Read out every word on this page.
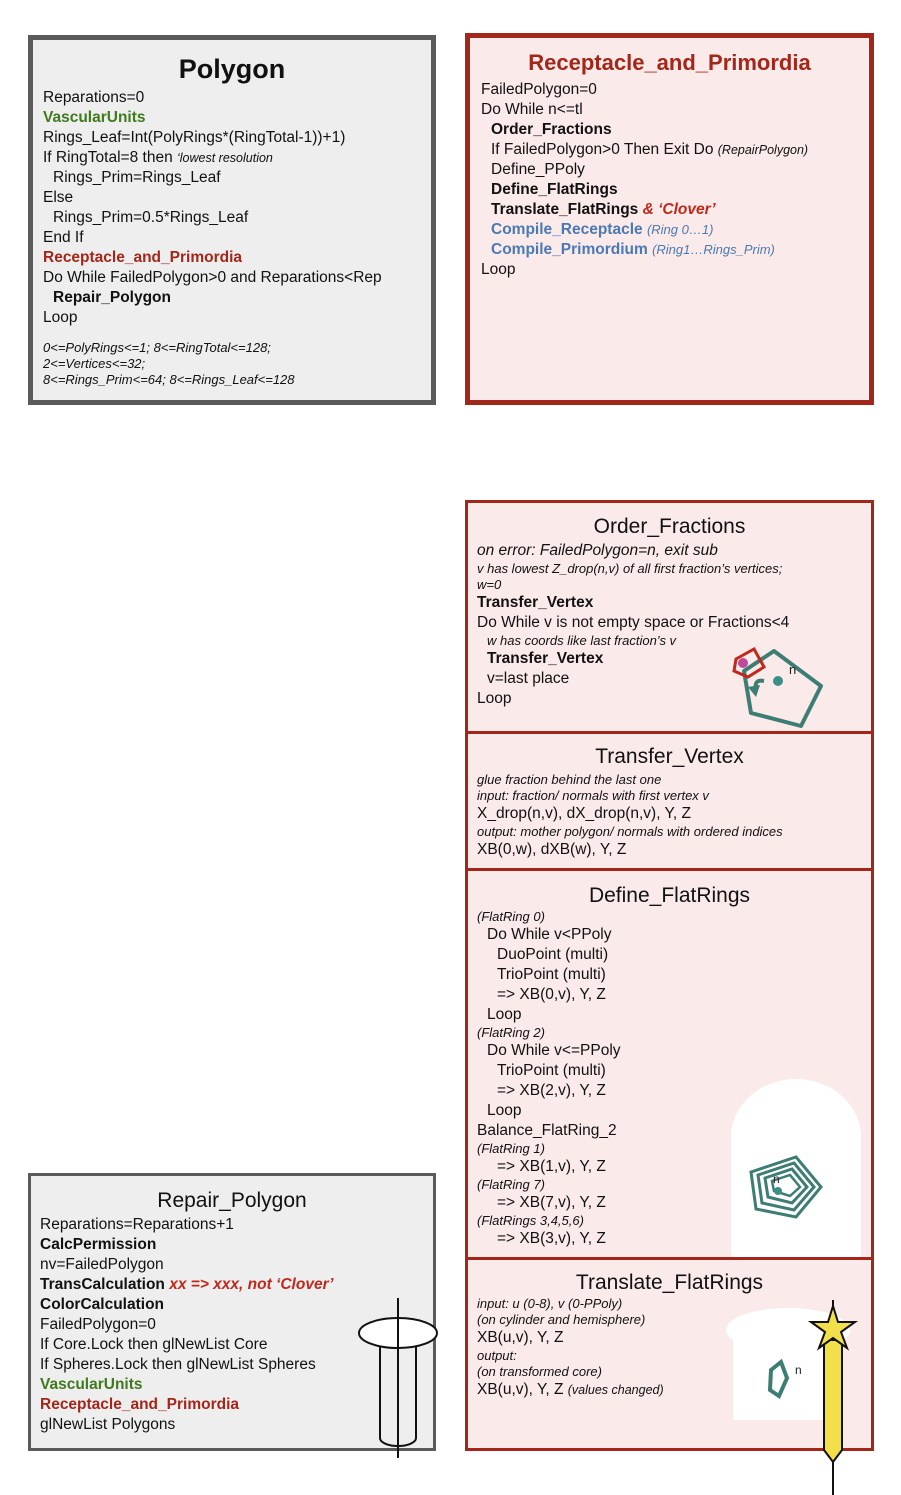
Polygon
Reparations=0
VascularUnits
Rings_Leaf=Int(PolyRings*(RingTotal-1))+1)
If RingTotal=8 then ‘lowest resolution
Rings_Prim=Rings_Leaf
Else
Rings_Prim=0.5*Rings_Leaf
End If
Receptacle_and_Primordia
Do While FailedPolygon>0 and Reparations<Rep
Repair_Polygon
Loop
0<=PolyRings<=1; 8<=RingTotal<=128;
2<=Vertices<=32;
8<=Rings_Prim<=64; 8<=Rings_Leaf<=128
Receptacle_and_Primordia
FailedPolygon=0
Do While n<=tl
Order_Fractions
If FailedPolygon>0 Then Exit Do (RepairPolygon)
Define_PPoly
Define_FlatRings
Translate_FlatRings & ‘Clover’
Compile_Receptacle (Ring 0…1)
Compile_Primordium (Ring1…Rings_Prim)
Loop
Order_Fractions
on error: FailedPolygon=n, exit sub
v has lowest Z_drop(n,v) of all first fraction’s vertices;
w=0
Transfer_Vertex
Do While v is not empty space or Fractions<4
w has coords like last fraction’s v
Transfer_Vertex
v=last place
Loop
n
Transfer_Vertex
glue fraction behind the last one
input: fraction/ normals with first vertex v
X_drop(n,v), dX_drop(n,v), Y, Z
output: mother polygon/ normals with ordered indices
XB(0,w), dXB(w), Y, Z
Define_FlatRings
(FlatRing 0)
Do While v<PPoly
DuoPoint (multi)
TrioPoint (multi)
=> XB(0,v), Y, Z
Loop
(FlatRing 2)
Do While v<=PPoly
TrioPoint (multi)
=> XB(2,v), Y, Z
Loop
Balance_FlatRing_2
(FlatRing 1)
=> XB(1,v), Y, Z
(FlatRing 7)
=> XB(7,v), Y, Z
(FlatRings 3,4,5,6)
=> XB(3,v), Y, Z
n
Translate_FlatRings
input: u (0-8), v (0-PPoly)
(on cylinder and hemisphere)
XB(u,v), Y, Z
output:
(on transformed core)
XB(u,v), Y, Z (values changed)
n
Repair_Polygon
Reparations=Reparations+1
CalcPermission
nv=FailedPolygon
TransCalculation xx => xxx, not ‘Clover’
ColorCalculation
FailedPolygon=0
If Core.Lock then glNewList Core
If Spheres.Lock then glNewList Spheres
VascularUnits
Receptacle_and_Primordia
glNewList Polygons
